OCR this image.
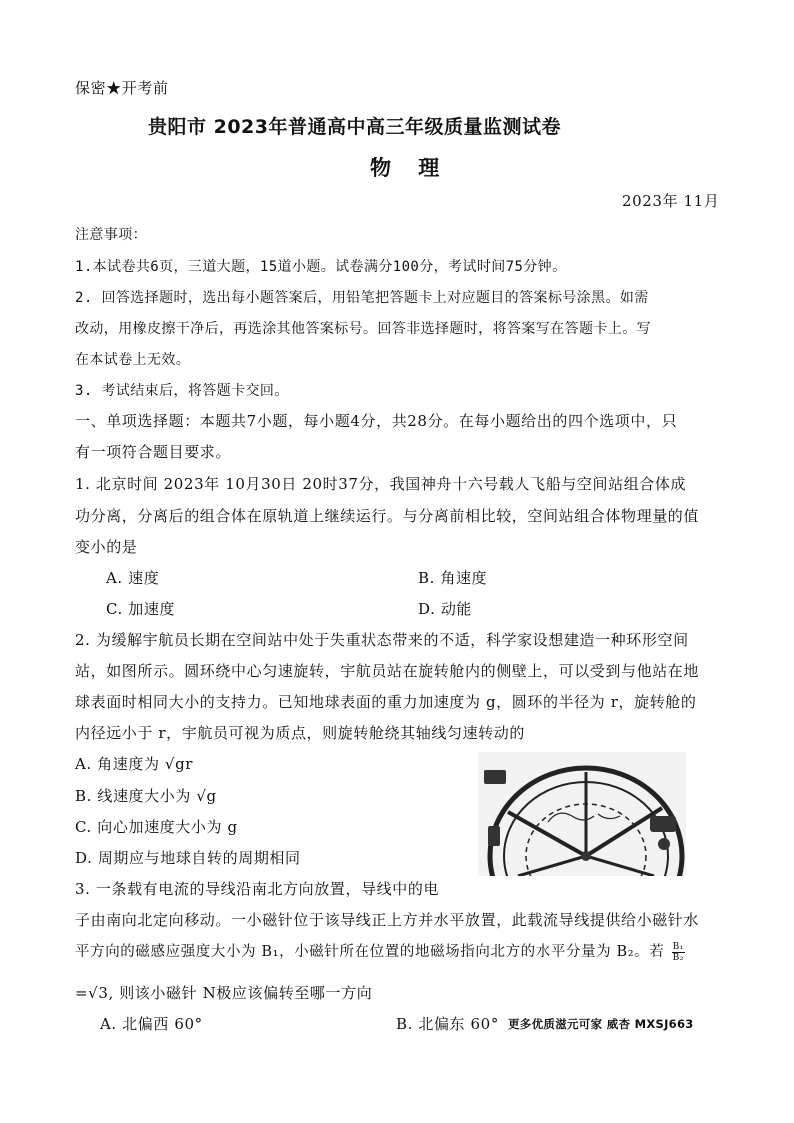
保密★开考前
贵阳市 2023年普通高中高三年级质量监测试卷
物 理
2023年 11月
注意事项：
1.本试卷共6页，三道大题，15道小题。试卷满分100分，考试时间75分钟。
2. 回答选择题时，选出每小题答案后，用铅笔把答题卡上对应题目的答案标号涂黑。如需
改动，用橡皮擦干净后，再选涂其他答案标号。回答非选择题时，将答案写在答题卡上。写
在本试卷上无效。
3. 考试结束后，将答题卡交回。
一、单项选择题：本题共7小题，每小题4分，共28分。在每小题给出的四个选项中，只
有一项符合题目要求。
1. 北京时间 2023年 10月30日 20时37分，我国神舟十六号载人飞船与空间站组合体成
功分离，分离后的组合体在原轨道上继续运行。与分离前相比较，空间站组合体物理量的值
变小的是
A. 速度	B. 角速度
C. 加速度	D. 动能
2. 为缓解宇航员长期在空间站中处于失重状态带来的不适，科学家设想建造一种环形空间
站，如图所示。圆环绕中心匀速旋转，宇航员站在旋转舱内的侧壁上，可以受到与他站在地
球表面时相同大小的支持力。已知地球表面的重力加速度为 g，圆环的半径为 r，旋转舱的
内径远小于 r，宇航员可视为质点，则旋转舱绕其轴线匀速转动的
A. 角速度为 √gr
B. 线速度大小为 √g
C. 向心加速度大小为 g
D. 周期应与地球自转的周期相同
3. 一条载有电流的导线沿南北方向放置，导线中的电
子由南向北定向移动。一小磁针位于该导线正上方并水平放置，此载流导线提供给小磁针水
平方向的磁感应强度大小为 B₁，小磁针所在位置的地磁场指向北方的水平分量为 B₂。若 $\frac{\text{B₁}}{\text{B₂}}$
=√3, 则该小磁针 N极应该偏转至哪一方向
A. 北偏西 60°	B. 北偏东 60° 更多优质滋元可家 威杏 MXSJ663
